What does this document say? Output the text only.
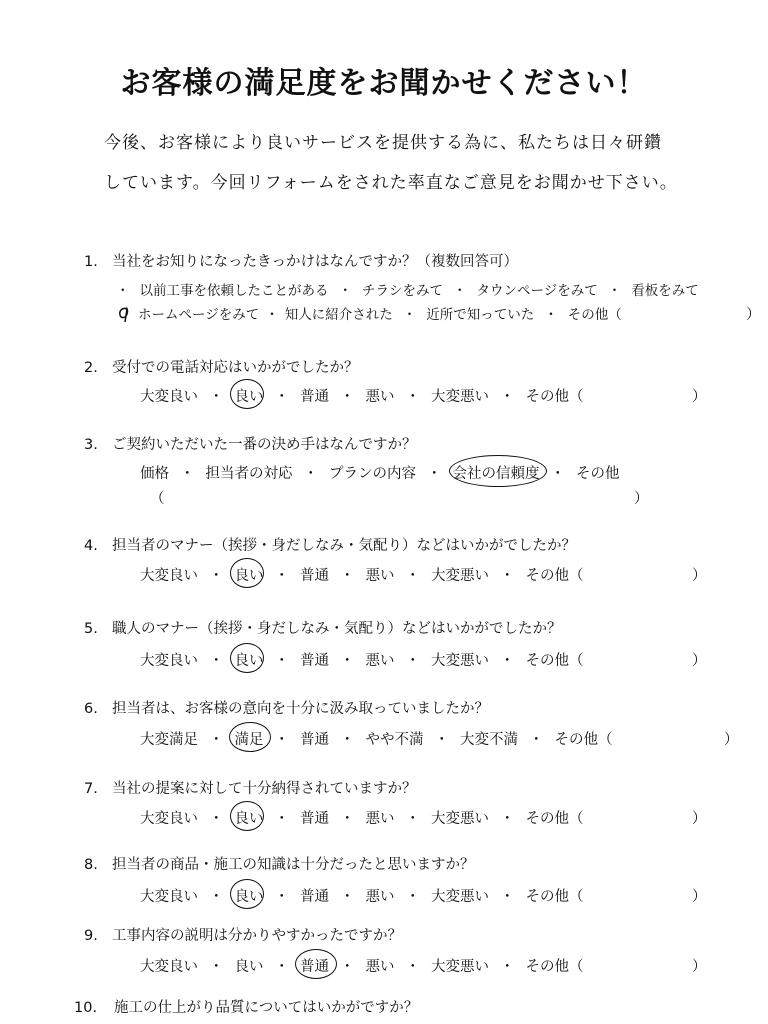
お客様の満足度をお聞かせください！
今後、お客様により良いサービスを提供する為に、私たちは日々研鑽
しています。今回リフォームをされた率直なご意見をお聞かせ下さい。
1. 当社をお知りになったきっかけはなんですか？（複数回答可）
・ 以前工事を依頼したことがある ・ チラシをみて ・ タウンページをみて ・ 看板をみて
ホームページをみて ・ 知人に紹介された ・ 近所で知っていた ・ その他（	）
2. 受付での電話対応はいかがでしたか？
大変良い ・ 良い ・ 普通 ・ 悪い ・ 大変悪い ・ その他（	）
3. ご契約いただいた一番の決め手はなんですか？
価格 ・ 担当者の対応 ・ プランの内容 ・ 会社の信頼度 ・ その他
（	）
4. 担当者のマナー（挨拶・身だしなみ・気配り）などはいかがでしたか？
大変良い ・ 良い ・ 普通 ・ 悪い ・ 大変悪い ・ その他（	）
5. 職人のマナー（挨拶・身だしなみ・気配り）などはいかがでしたか？
大変良い ・ 良い ・ 普通 ・ 悪い ・ 大変悪い ・ その他（	）
6. 担当者は、お客様の意向を十分に汲み取っていましたか？
大変満足 ・ 満足 ・ 普通 ・ やや不満 ・ 大変不満 ・ その他（	）
7. 当社の提案に対して十分納得されていますか？
大変良い ・ 良い ・ 普通 ・ 悪い ・ 大変悪い ・ その他（	）
8. 担当者の商品・施工の知識は十分だったと思いますか？
大変良い ・ 良い ・ 普通 ・ 悪い ・ 大変悪い ・ その他（	）
9. 工事内容の説明は分かりやすかったですか？
大変良い ・ 良い ・ 普通 ・ 悪い ・ 大変悪い ・ その他（	）
10. 施工の仕上がり品質についてはいかがですか？
